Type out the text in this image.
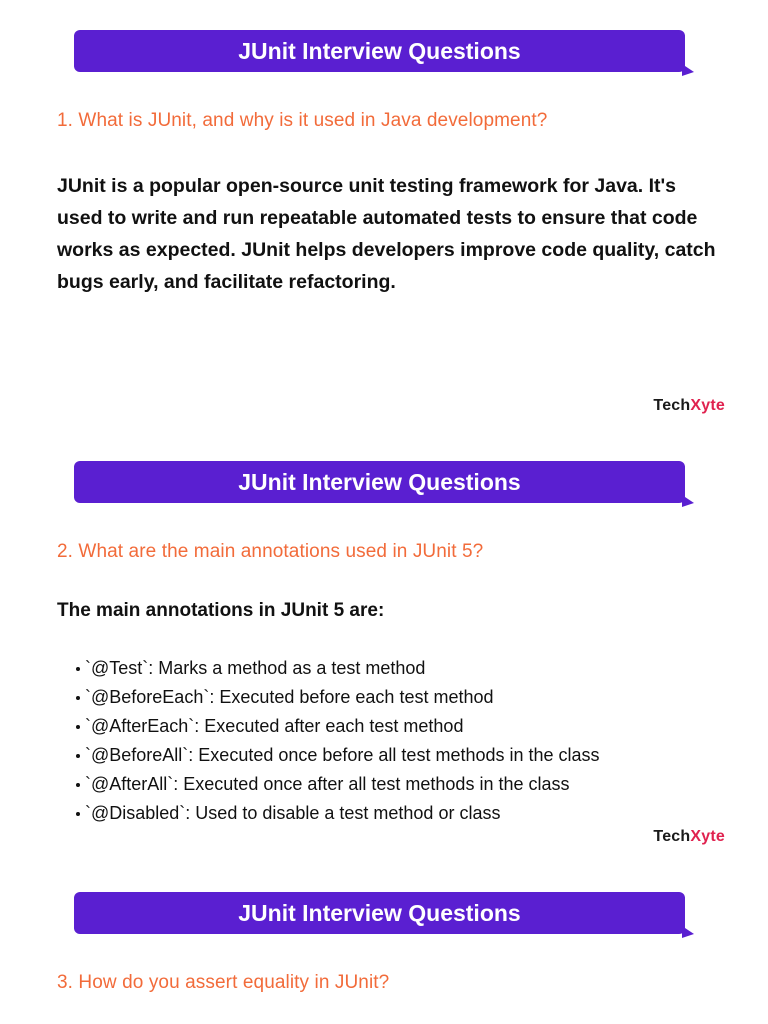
JUnit Interview Questions

1. What is JUnit, and why is it used in Java development?

JUnit is a popular open-source unit testing framework for Java. It's used to write and run repeatable automated tests to ensure that code works as expected. JUnit helps developers improve code quality, catch bugs early, and facilitate refactoring.

TechXyte
JUnit Interview Questions

2. What are the main annotations used in JUnit 5?

The main annotations in JUnit 5 are:

`@Test`: Marks a method as a test method
`@BeforeEach`: Executed before each test method
`@AfterEach`: Executed after each test method
`@BeforeAll`: Executed once before all test methods in the class
`@AfterAll`: Executed once after all test methods in the class
`@Disabled`: Used to disable a test method or class
TechXyte
JUnit Interview Questions

3. How do you assert equality in JUnit?
